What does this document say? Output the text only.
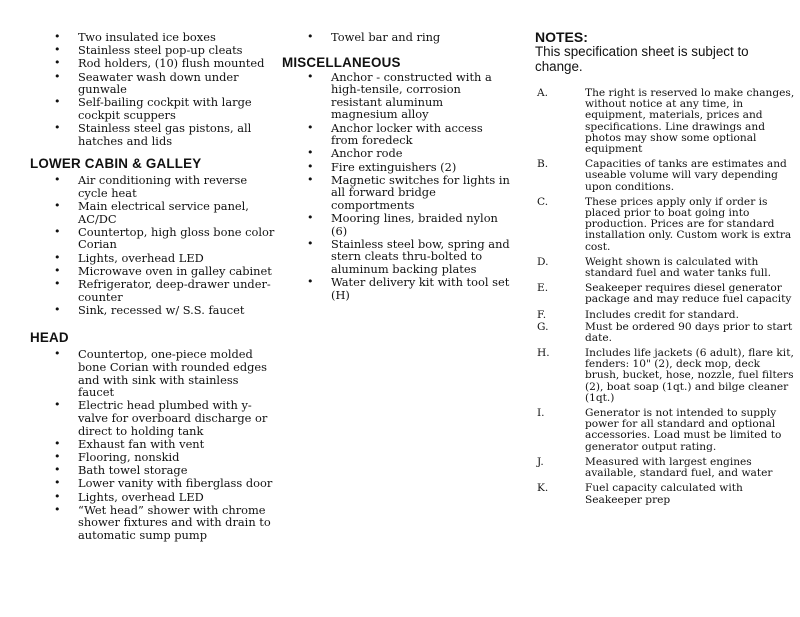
• Two insulated ice boxes
• Stainless steel pop-up cleats
• Rod holders, (10) flush mounted
• Seawater wash down under gunwale
• Self-bailing cockpit with large cockpit scuppers
• Stainless steel gas pistons, all hatches and lids
LOWER CABIN & GALLEY
• Air conditioning with reverse cycle heat
• Main electrical service panel, AC/DC
• Countertop, high gloss bone color Corian
• Lights, overhead LED
• Microwave oven in galley cabinet
• Refrigerator, deep-drawer under-counter
• Sink, recessed w/ S.S. faucet
HEAD
• Countertop, one-piece molded bone Corian with rounded edges and with sink with stainless faucet
• Electric head plumbed with y-valve for overboard discharge or direct to holding tank
• Exhaust fan with vent
• Flooring, nonskid
• Bath towel storage
• Lower vanity with fiberglass door
• Lights, overhead LED
• “Wet head” shower with chrome shower fixtures and with drain to automatic sump pump
• Towel bar and ring
MISCELLANEOUS
• Anchor - constructed with a high-tensile, corrosion resistant aluminum magnesium alloy
• Anchor locker with access from foredeck
• Anchor rode
• Fire extinguishers (2)
• Magnetic switches for lights in all forward bridge comportments
• Mooring lines, braided nylon (6)
• Stainless steel bow, spring and stern cleats thru-bolted to aluminum backing plates
• Water delivery kit with tool set (H)
NOTES:
This specification sheet is subject to change.
A.	The right is reserved lo make changes, without notice at any time, in equipment, materials, prices and specifications. Line drawings and photos may show some optional equipment
B.	Capacities of tanks are estimates and useable volume will vary depending upon conditions.
C.	These prices apply only if order is placed prior to boat going into production. Prices are for standard installation only. Custom work is extra cost.
D.	Weight shown is calculated with standard fuel and water tanks full.
E.	Seakeeper requires diesel generator package and may reduce fuel capacity
F.	Includes credit for standard.
G.	Must be ordered 90 days prior to start date.
H.	Includes life jackets (6 adult), flare kit, fenders: 10" (2), deck mop, deck brush, bucket, hose, nozzle, fuel filters (2), boat soap (1qt.) and bilge cleaner (1qt.)
I.	Generator is not intended to supply power for all standard and optional accessories. Load must be limited to generator output rating.
J.	Measured with largest engines available, standard fuel, and water
K.	Fuel capacity calculated with Seakeeper prep
